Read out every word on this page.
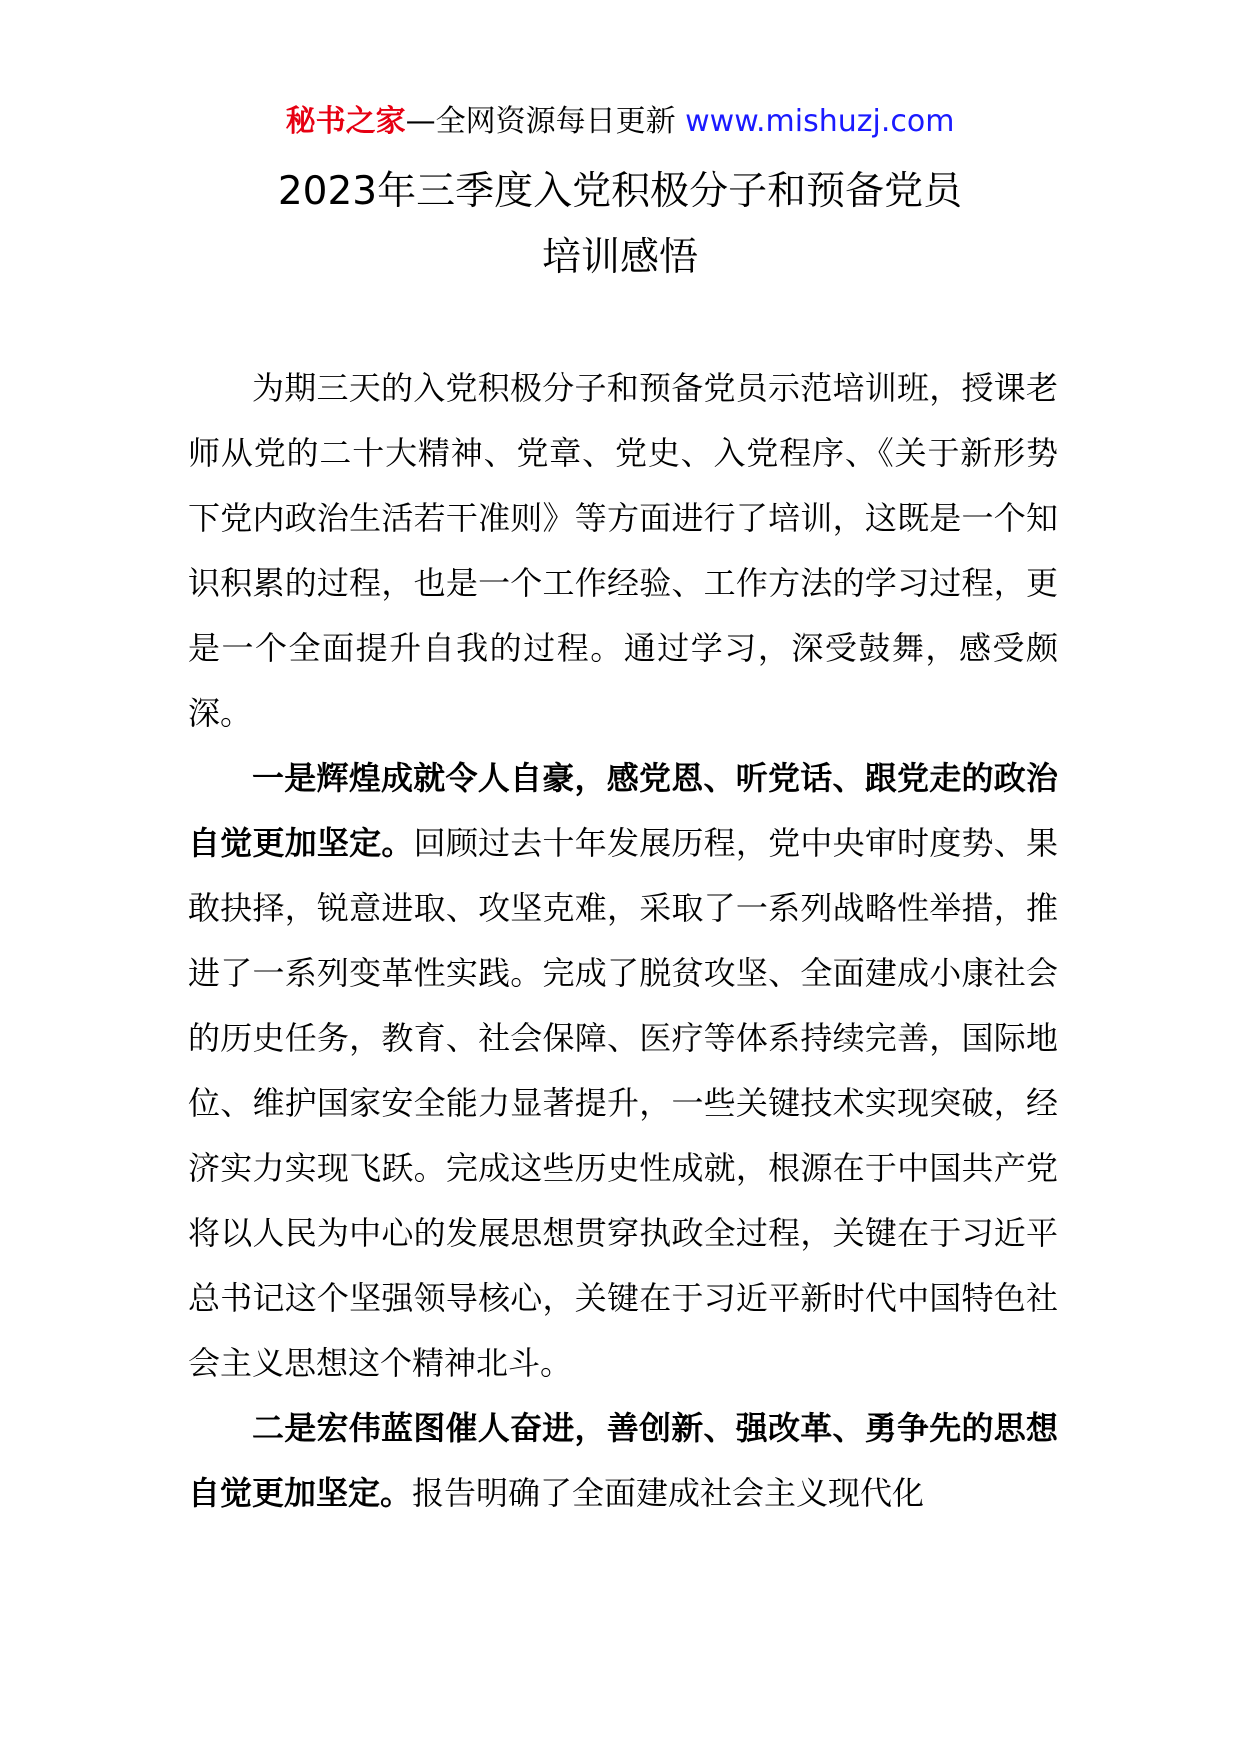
秘书之家—全网资源每日更新 www.mishuzj.com
2023年三季度入党积极分子和预备党员
培训感悟

为期三天的入党积极分子和预备党员示范培训班，授课老师从党的二十大精神、党章、党史、入党程序、《关于新形势下党内政治生活若干准则》等方面进行了培训，这既是一个知识积累的过程，也是一个工作经验、工作方法的学习过程，更是一个全面提升自我的过程。通过学习，深受鼓舞，感受颇深。

一是辉煌成就令人自豪，感党恩、听党话、跟党走的政治自觉更加坚定。回顾过去十年发展历程，党中央审时度势、果敢抉择，锐意进取、攻坚克难，采取了一系列战略性举措，推进了一系列变革性实践。完成了脱贫攻坚、全面建成小康社会的历史任务，教育、社会保障、医疗等体系持续完善，国际地位、维护国家安全能力显著提升，一些关键技术实现突破，经济实力实现飞跃。完成这些历史性成就，根源在于中国共产党将以人民为中心的发展思想贯穿执政全过程，关键在于习近平总书记这个坚强领导核心，关键在于习近平新时代中国特色社会主义思想这个精神北斗。

二是宏伟蓝图催人奋进，善创新、强改革、勇争先的思想自觉更加坚定。报告明确了全面建成社会主义现代化
